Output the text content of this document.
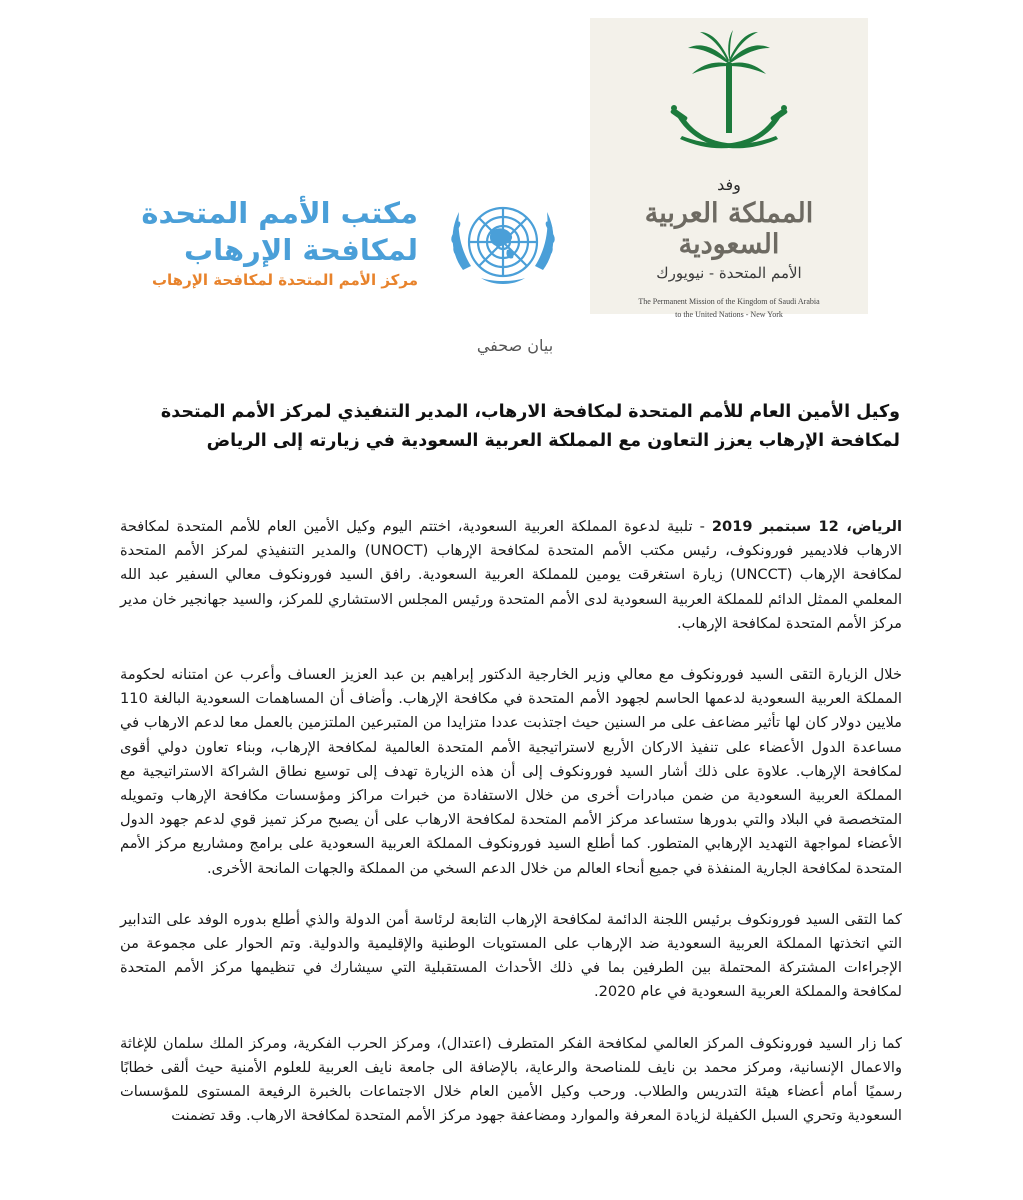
وفد
المملكة العربية السعودية
الأمم المتحدة - نيويورك
The Permanent Mission of the Kingdom of Saudi Arabia
to the United Nations - New York
مكتب الأمم المتحدة
لمكافحة الإرهاب
مركز الأمم المتحدة لمكافحة الإرهاب
بيان صحفي
وكيل الأمين العام للأمم المتحدة لمكافحة الارهاب، المدير التنفيذي لمركز الأمم المتحدة لمكافحة الإرهاب يعزز التعاون مع المملكة العربية السعودية في زيارته إلى الرياض

الرياض، 12 سبتمبر 2019 - تلبية لدعوة المملكة العربية السعودية، اختتم اليوم وكيل الأمين العام للأمم المتحدة لمكافحة الارهاب فلاديمير فورونكوف، رئيس مكتب الأمم المتحدة لمكافحة الإرهاب (UNOCT) والمدير التنفيذي لمركز الأمم المتحدة لمكافحة الإرهاب (UNCCT) زيارة استغرقت يومين للمملكة العربية السعودية. رافق السيد فورونكوف معالي السفير عبد الله المعلمي الممثل الدائم للمملكة العربية السعودية لدى الأمم المتحدة ورئيس المجلس الاستشاري للمركز، والسيد جهانجير خان مدير مركز الأمم المتحدة لمكافحة الإرهاب.

خلال الزيارة التقى السيد فورونكوف مع معالي وزير الخارجية الدكتور إبراهيم بن عبد العزيز العساف وأعرب عن امتنانه لحكومة المملكة العربية السعودية لدعمها الحاسم لجهود الأمم المتحدة في مكافحة الإرهاب. وأضاف أن المساهمات السعودية البالغة 110 ملايين دولار كان لها تأثير مضاعف على مر السنين حيث اجتذبت عددا متزايدا من المتبرعين الملتزمين بالعمل معا لدعم الارهاب في مساعدة الدول الأعضاء على تنفيذ الاركان الأربع لاستراتيجية الأمم المتحدة العالمية لمكافحة الإرهاب، وبناء تعاون دولي أقوى لمكافحة الإرهاب. علاوة على ذلك أشار السيد فورونكوف إلى أن هذه الزيارة تهدف إلى توسيع نطاق الشراكة الاستراتيجية مع المملكة العربية السعودية من ضمن مبادرات أخرى من خلال الاستفادة من خبرات مراكز ومؤسسات مكافحة الإرهاب وتمويله المتخصصة في البلاد والتي بدورها ستساعد مركز الأمم المتحدة لمكافحة الارهاب على أن يصبح مركز تميز قوي لدعم جهود الدول الأعضاء لمواجهة التهديد الإرهابي المتطور. كما أطلع السيد فورونكوف المملكة العربية السعودية على برامج ومشاريع مركز الأمم المتحدة لمكافحة الجارية المنفذة في جميع أنحاء العالم من خلال الدعم السخي من المملكة والجهات المانحة الأخرى.

كما التقى السيد فورونكوف برئيس اللجنة الدائمة لمكافحة الإرهاب التابعة لرئاسة أمن الدولة والذي أطلع بدوره الوفد على التدابير التي اتخذتها المملكة العربية السعودية ضد الإرهاب على المستويات الوطنية والإقليمية والدولية. وتم الحوار على مجموعة من الإجراءات المشتركة المحتملة بين الطرفين بما في ذلك الأحداث المستقبلية التي سيشارك في تنظيمها مركز الأمم المتحدة لمكافحة والمملكة العربية السعودية في عام 2020.

كما زار السيد فورونكوف المركز العالمي لمكافحة الفكر المتطرف (اعتدال)، ومركز الحرب الفكرية، ومركز الملك سلمان للإغاثة والاعمال الإنسانية، ومركز محمد بن نايف للمناصحة والرعاية، بالإضافة الى جامعة نايف العربية للعلوم الأمنية حيث ألقى خطابًا رسميًا أمام أعضاء هيئة التدريس والطلاب. ورحب وكيل الأمين العام خلال الاجتماعات بالخبرة الرفيعة المستوى للمؤسسات السعودية وتحري السبل الكفيلة لزيادة المعرفة والموارد ومضاعفة جهود مركز الأمم المتحدة لمكافحة الارهاب. وقد تضمنت
